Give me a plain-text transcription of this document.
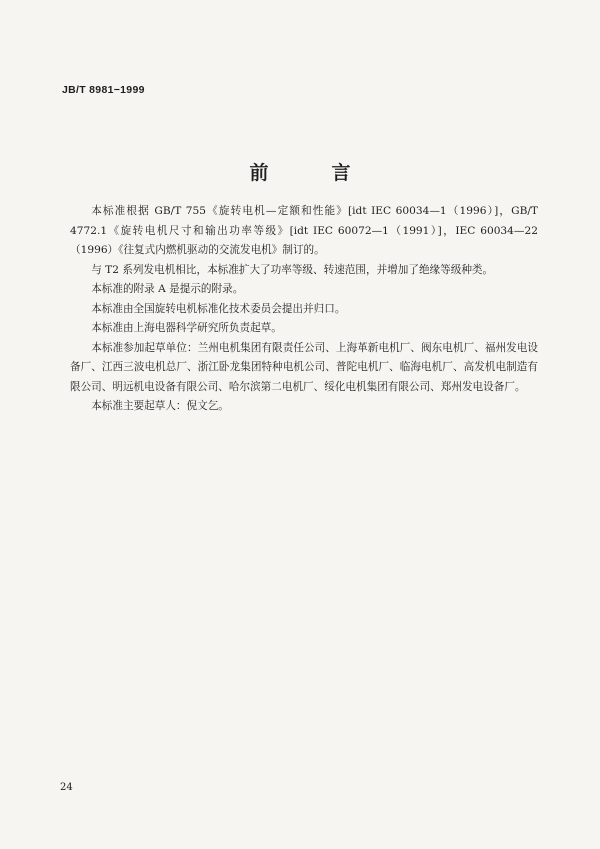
JB/T 8981−1999
前　言

本标准根据 GB/T 755《旋转电机—定额和性能》[idt IEC 60034—1（1996）]，GB/T 4772.1《旋转电机尺寸和输出功率等级》[idt IEC 60072—1（1991）]，IEC 60034—22（1996）《往复式内燃机驱动的交流发电机》制订的。

与 T2 系列发电机相比，本标准扩大了功率等级、转速范围，并增加了绝缘等级种类。

本标准的附录 A 是提示的附录。

本标准由全国旋转电机标准化技术委员会提出并归口。

本标准由上海电器科学研究所负责起草。

本标准参加起草单位：兰州电机集团有限责任公司、上海革新电机厂、阀东电机厂、福州发电设备厂、江西三波电机总厂、浙江卧龙集团特种电机公司、普陀电机厂、临海电机厂、高发机电制造有限公司、明远机电设备有限公司、哈尔滨第二电机厂、绥化电机集团有限公司、郑州发电设备厂。

本标准主要起草人：倪文乞。

24
